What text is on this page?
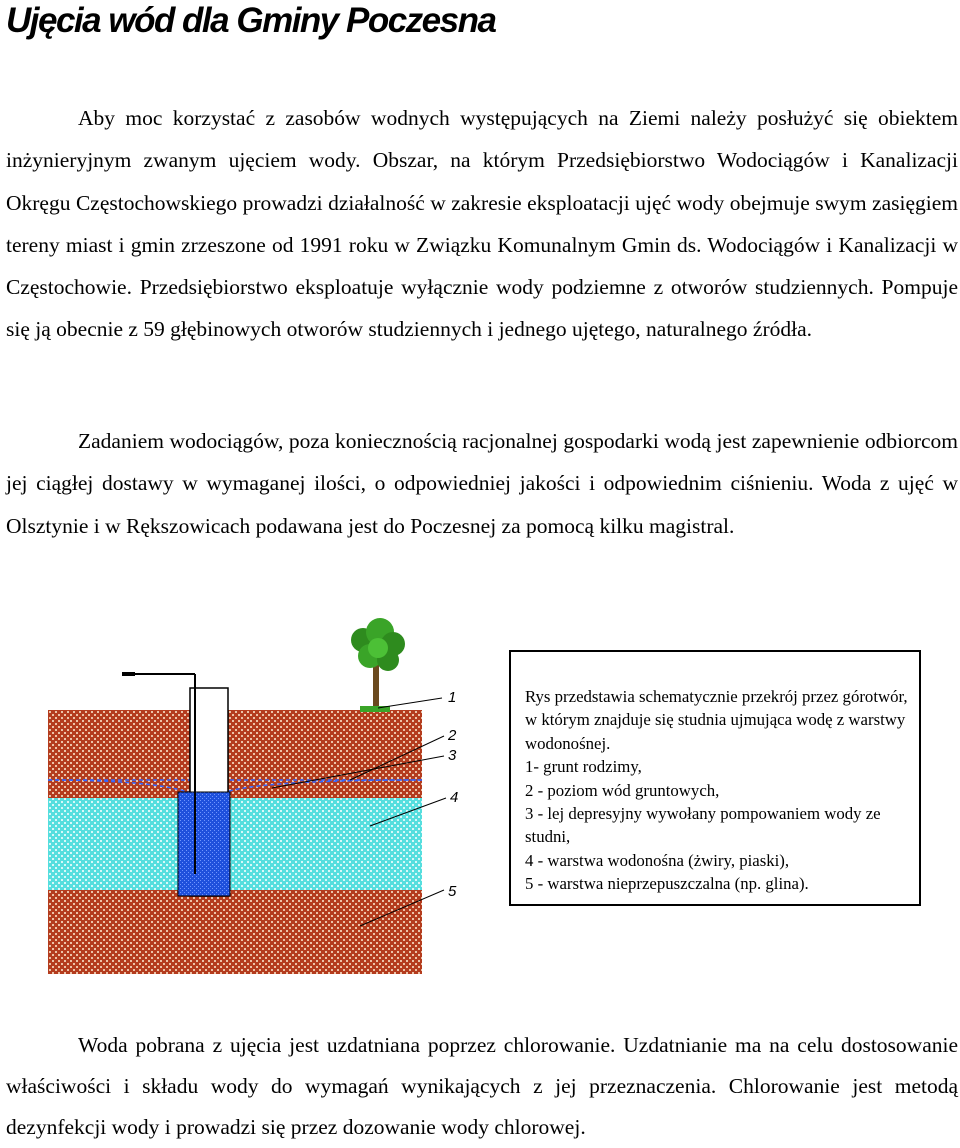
Ujęcia wód dla Gminy Poczesna

Aby moc korzystać z zasobów wodnych występujących na Ziemi należy posłużyć się obiektem inżynieryjnym zwanym ujęciem wody. Obszar, na którym Przedsiębiorstwo Wodociągów i Kanalizacji Okręgu Częstochowskiego prowadzi działalność w zakresie eksploatacji ujęć wody obejmuje swym zasięgiem tereny miast i gmin zrzeszone od 1991 roku w Związku Komunalnym Gmin ds. Wodociągów i Kanalizacji w Częstochowie. Przedsiębiorstwo eksploatuje wyłącznie wody podziemne z otworów studziennych. Pompuje się ją obecnie z 59 głębinowych otworów studziennych i jednego ujętego, naturalnego źródła.

Zadaniem wodociągów, poza koniecznością racjonalnej gospodarki wodą jest zapewnienie odbiorcom jej ciągłej dostawy w wymaganej ilości, o odpowiedniej jakości i odpowiednim ciśnieniu. Woda z ujęć w Olsztynie i w Rększowicach podawana jest do Poczesnej za pomocą kilku magistral.

1
2
3
4
5

Rys przedstawia schematycznie przekrój przez górotwór, w którym znajduje się studnia ujmująca wodę z warstwy wodonośnej.

1- grunt rodzimy,
2 - poziom wód gruntowych,
3 - lej depresyjny wywołany pompowaniem wody ze studni,
4 - warstwa wodonośna (żwiry, piaski),
5 - warstwa nieprzepuszczalna (np. glina).

Woda pobrana z ujęcia jest uzdatniana poprzez chlorowanie. Uzdatnianie ma na celu dostosowanie właściwości i składu wody do wymagań wynikających z jej przeznaczenia. Chlorowanie jest metodą dezynfekcji wody i prowadzi się przez dozowanie wody chlorowej.
